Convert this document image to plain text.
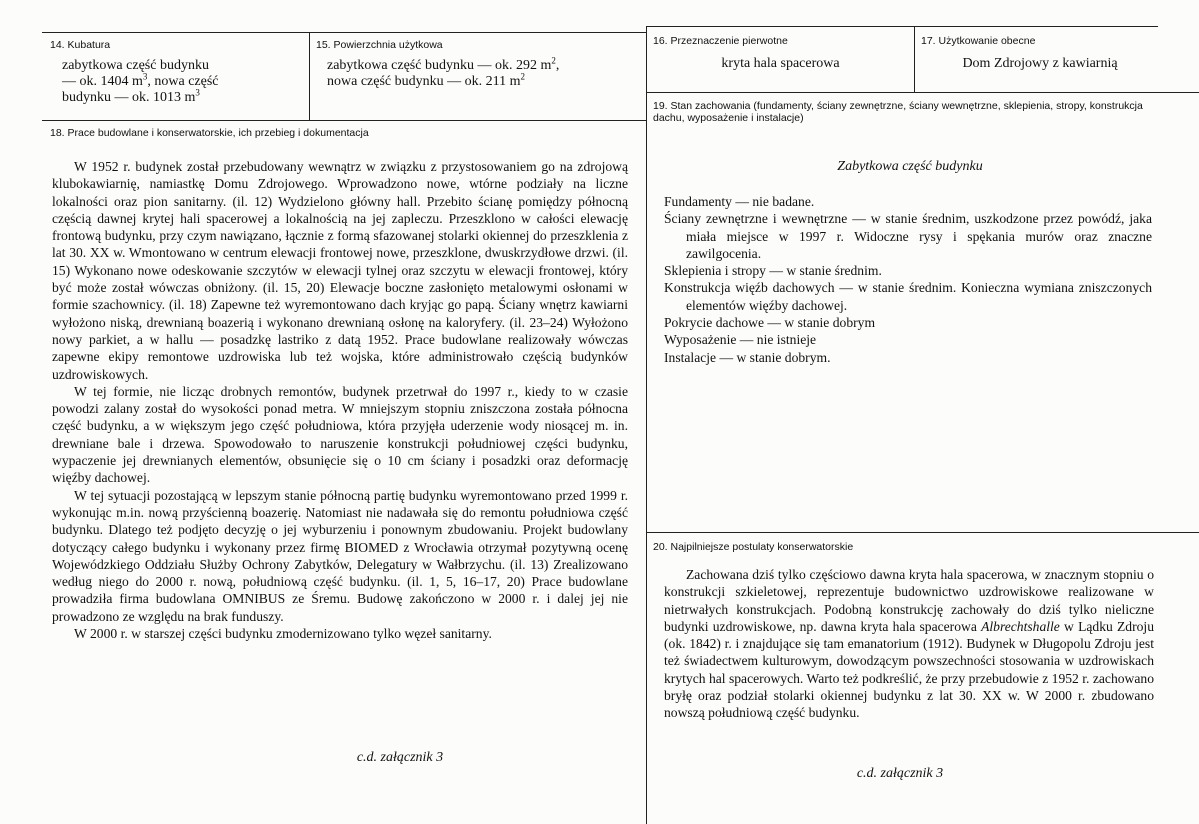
14. Kubatura
zabytkowa część budynku
— ok. 1404 $m^3$, nowa część
budynku — ok. 1013 $m^3$
15. Powierzchnia użytkowa
zabytkowa część budynku — ok. 292 $m^2$,
nowa część budynku — ok. 211 $m^2$
16. Przeznaczenie pierwotne
kryta hala spacerowa
17. Użytkowanie obecne
Dom Zdrojowy z kawiarnią
18. Prace budowlane i konserwatorskie, ich przebieg i dokumentacja

W 1952 r. budynek został przebudowany wewnątrz w związku z przystosowaniem go na zdrojową klubokawiarnię, namiastkę Domu Zdrojowego. Wprowadzono nowe, wtórne podziały na liczne lokalności oraz pion sanitarny. (il. 12) Wydzielono główny hall. Przebito ścianę pomiędzy północną częścią dawnej krytej hali spacerowej a lokalnością na jej zapleczu. Przeszklono w całości elewację frontową budynku, przy czym nawiązano, łącznie z formą sfazowanej stolarki okiennej do przeszklenia z lat 30. XX w. Wmontowano w centrum elewacji frontowej nowe, przeszklone, dwuskrzydłowe drzwi. (il. 15) Wykonano nowe odeskowanie szczytów w elewacji tylnej oraz szczytu w elewacji frontowej, który być może został wówczas obniżony. (il. 15, 20) Elewacje boczne zasłonięto metalowymi osłonami w formie szachownicy. (il. 18) Zapewne też wyremontowano dach kryjąc go papą. Ściany wnętrz kawiarni wyłożono niską, drewnianą boazerią i wykonano drewnianą osłonę na kaloryfery. (il. 23–24) Wyłożono nowy parkiet, a w hallu — posadzkę lastriko z datą 1952. Prace budowlane realizowały wówczas zapewne ekipy remontowe uzdrowiska lub też wojska, które administrowało częścią budynków uzdrowiskowych.

W tej formie, nie licząc drobnych remontów, budynek przetrwał do 1997 r., kiedy to w czasie powodzi zalany został do wysokości ponad metra. W mniejszym stopniu zniszczona została północna część budynku, a w większym jego część południowa, która przyjęła uderzenie wody niosącej m. in. drewniane bale i drzewa. Spowodowało to naruszenie konstrukcji południowej części budynku, wypaczenie jej drewnianych elementów, obsunięcie się o 10 cm ściany i posadzki oraz deformację więźby dachowej.

W tej sytuacji pozostającą w lepszym stanie północną partię budynku wyremontowano przed 1999 r. wykonując m.in. nową przyścienną boazerię. Natomiast nie nadawała się do remontu południowa część budynku. Dlatego też podjęto decyzję o jej wyburzeniu i ponownym zbudowaniu. Projekt budowlany dotyczący całego budynku i wykonany przez firmę BIOMED z Wrocławia otrzymał pozytywną ocenę Wojewódzkiego Oddziału Służby Ochrony Zabytków, Delegatury w Wałbrzychu. (il. 13) Zrealizowano według niego do 2000 r. nową, południową część budynku. (il. 1, 5, 16–17, 20) Prace budowlane prowadziła firma budowlana OMNIBUS ze Śremu. Budowę zakończono w 2000 r. i dalej jej nie prowadzono ze względu na brak funduszy.

W 2000 r. w starszej części budynku zmodernizowano tylko węzeł sanitarny.

c.d. załącznik 3
19. Stan zachowania (fundamenty, ściany zewnętrzne, ściany wewnętrzne, sklepienia, stropy, konstrukcja dachu, wyposażenie i instalacje)
Zabytkowa część budynku

Fundamenty — nie badane.

Ściany zewnętrzne i wewnętrzne — w stanie średnim, uszkodzone przez powódź, jaka miała miejsce w 1997 r. Widoczne rysy i spękania murów oraz znaczne zawilgocenia.

Sklepienia i stropy — w stanie średnim.

Konstrukcja więźb dachowych — w stanie średnim. Konieczna wymiana zniszczonych elementów więźby dachowej.

Pokrycie dachowe — w stanie dobrym

Wyposażenie — nie istnieje

Instalacje — w stanie dobrym.

20. Najpilniejsze postulaty konserwatorskie

Zachowana dziś tylko częściowo dawna kryta hala spacerowa, w znacznym stopniu o konstrukcji szkieletowej, reprezentuje budownictwo uzdrowiskowe realizowane w nietrwałych konstrukcjach. Podobną konstrukcję zachowały do dziś tylko nieliczne budynki uzdrowiskowe, np. dawna kryta hala spacerowa Albrechtshalle w Lądku Zdroju (ok. 1842) r. i znajdujące się tam emanatorium (1912). Budynek w Długopolu Zdroju jest też świadectwem kulturowym, dowodzącym powszechności stosowania w uzdrowiskach krytych hal spacerowych. Warto też podkreślić, że przy przebudowie z 1952 r. zachowano bryłę oraz podział stolarki okiennej budynku z lat 30. XX w. W 2000 r. zbudowano nowszą południową część budynku.

c.d. załącznik 3
